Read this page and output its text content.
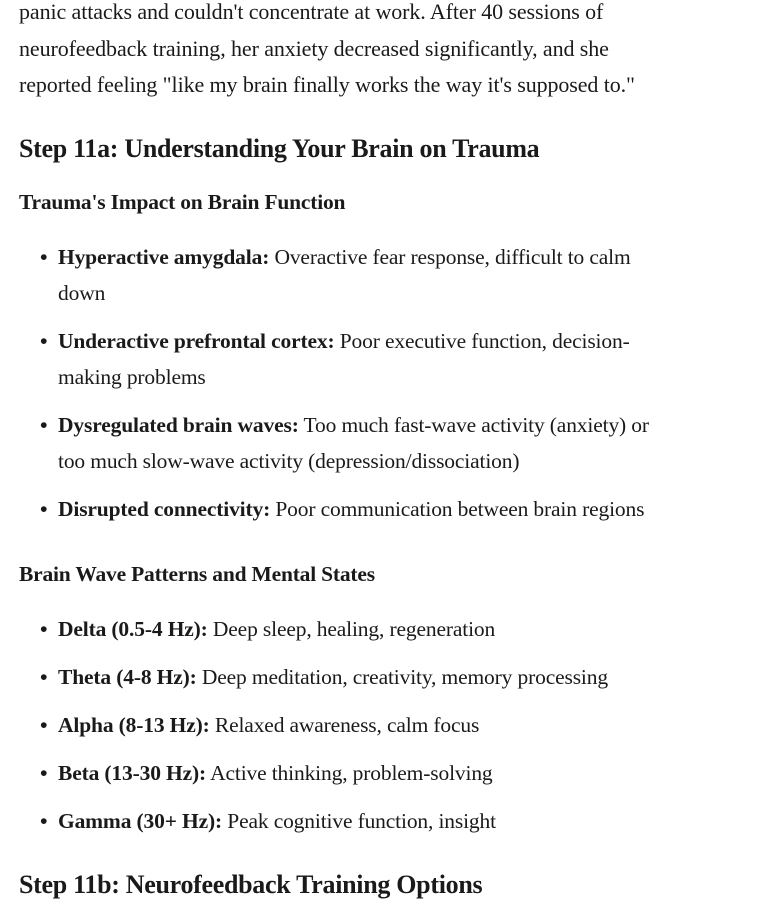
panic attacks and couldn't concentrate at work. After 40 sessions of
neurofeedback training, her anxiety decreased significantly, and she
reported feeling "like my brain finally works the way it's supposed to."

Step 11a: Understanding Your Brain on Trauma
Trauma's Impact on Brain Function
• Hyperactive amygdala: Overactive fear response, difficult to calm
down
• Underactive prefrontal cortex: Poor executive function, decision-
making problems
• Dysregulated brain waves: Too much fast-wave activity (anxiety) or
too much slow-wave activity (depression/dissociation)
• Disrupted connectivity: Poor communication between brain regions
Brain Wave Patterns and Mental States
• Delta (0.5-4 Hz): Deep sleep, healing, regeneration
• Theta (4-8 Hz): Deep meditation, creativity, memory processing
• Alpha (8-13 Hz): Relaxed awareness, calm focus
• Beta (13-30 Hz): Active thinking, problem-solving
• Gamma (30+ Hz): Peak cognitive function, insight
Step 11b: Neurofeedback Training Options
